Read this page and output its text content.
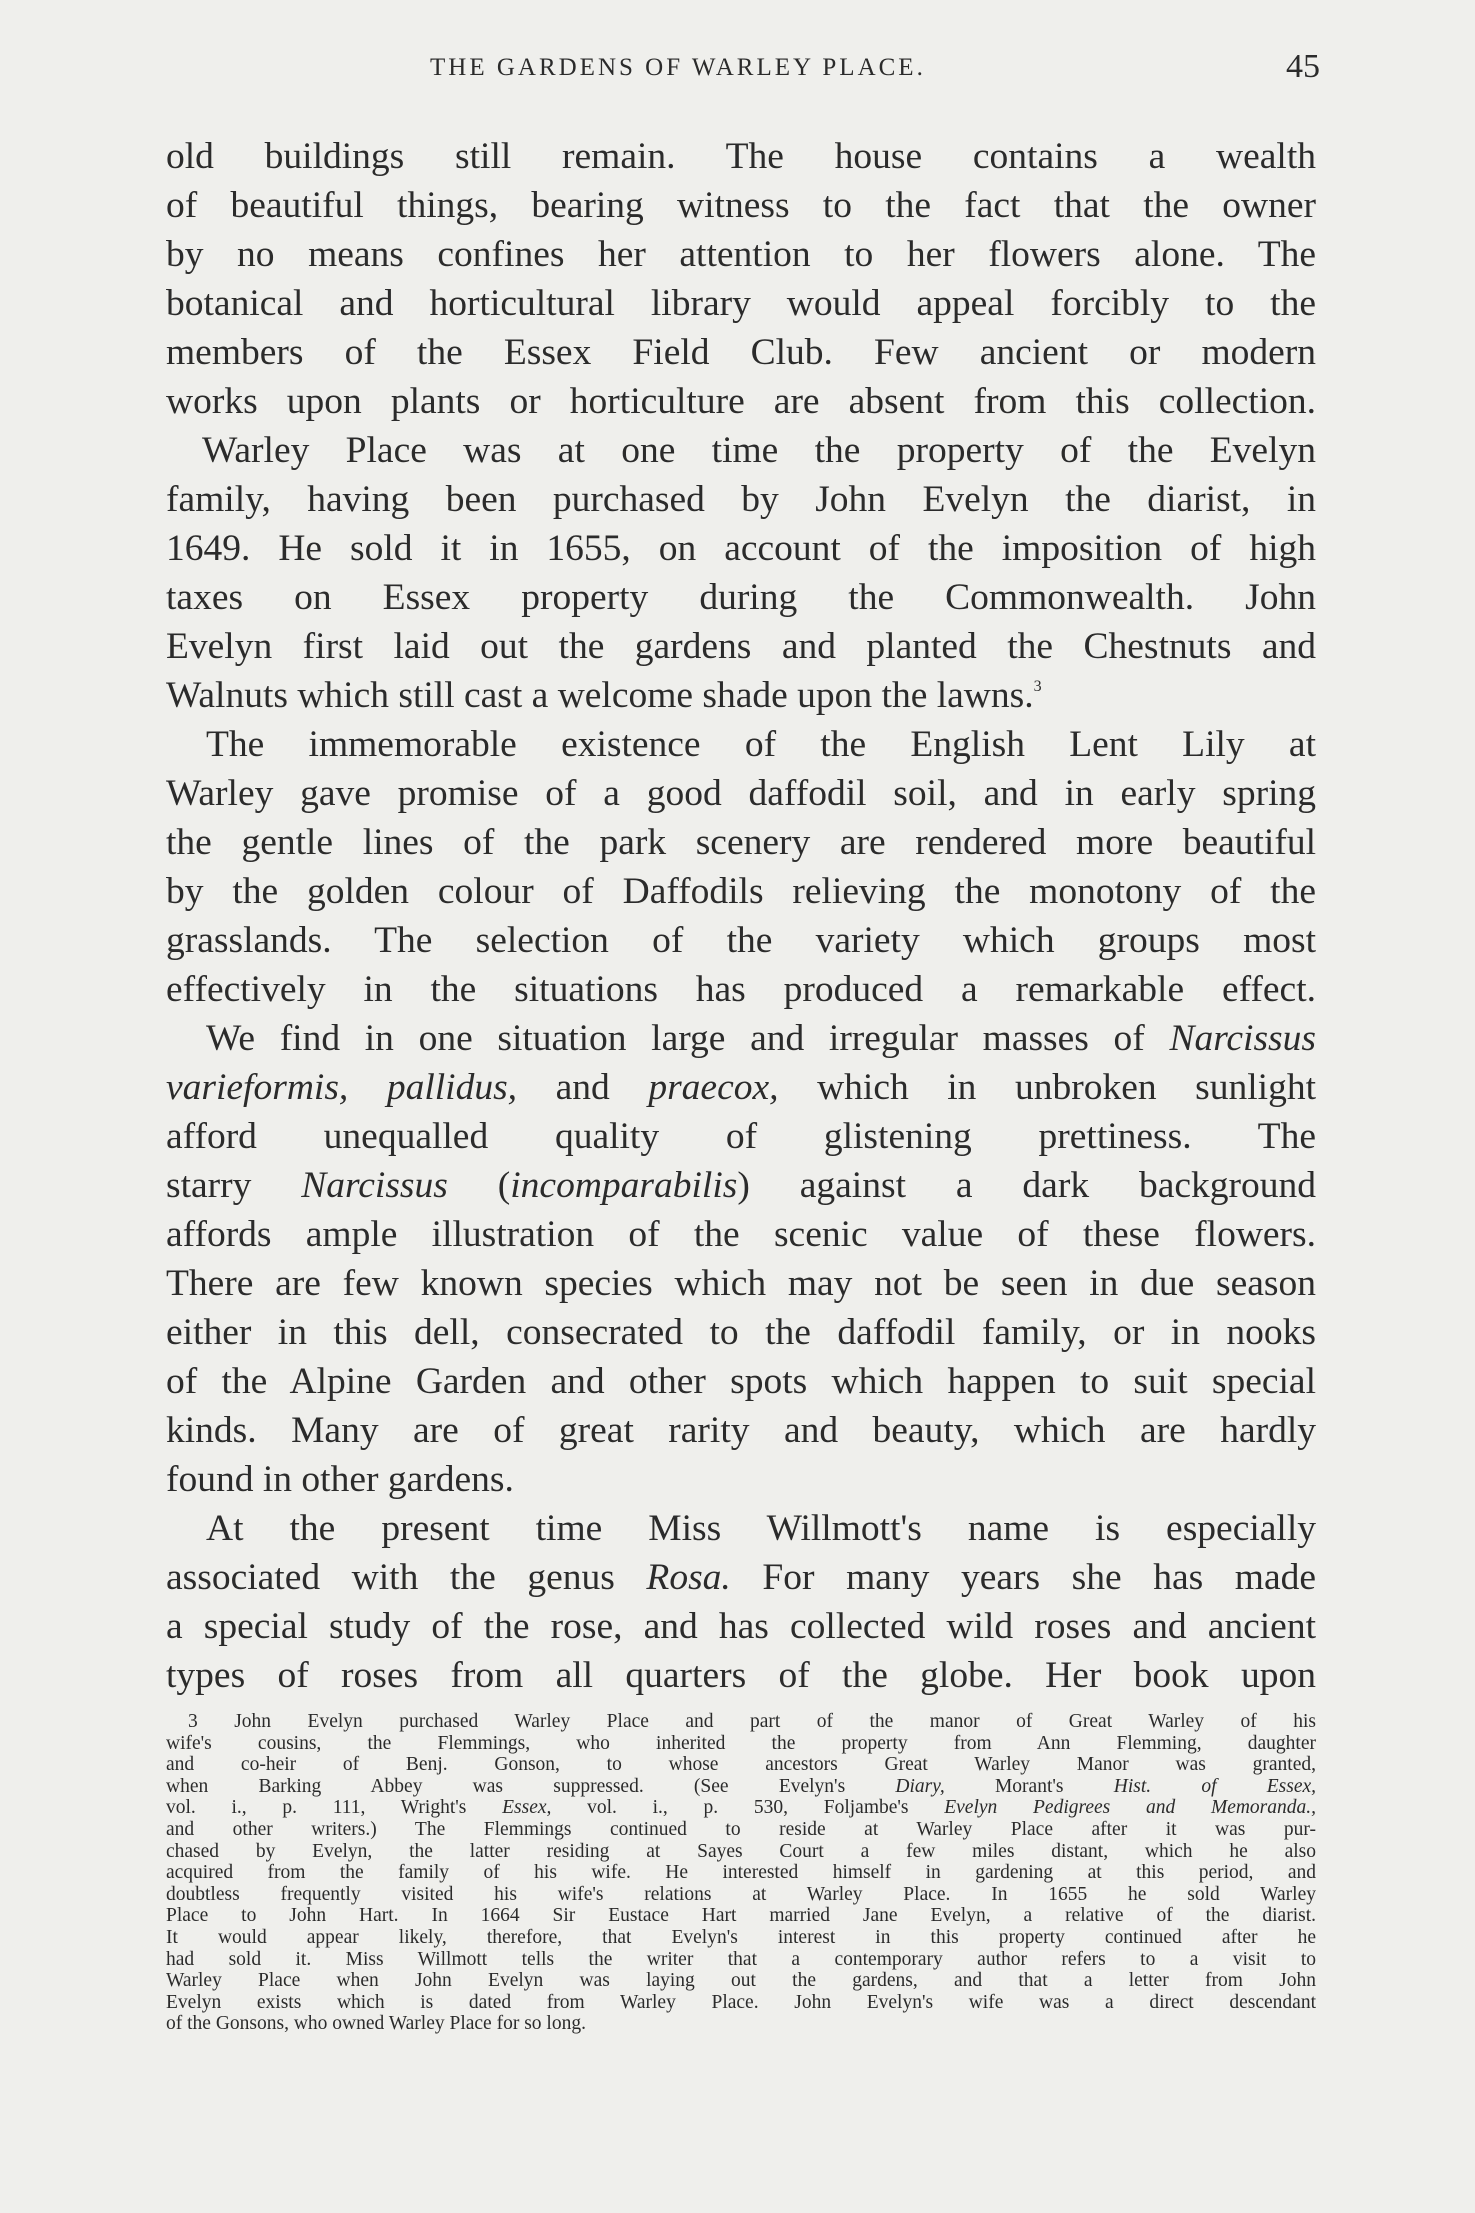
THE GARDENS OF WARLEY PLACE.	45
old buildings still remain. The house contains a wealth
of beautiful things, bearing witness to the fact that the owner
by no means confines her attention to her flowers alone. The
botanical and horticultural library would appeal forcibly to the
members of the Essex Field Club. Few ancient or modern
works upon plants or horticulture are absent from this collection.
Warley Place was at one time the property of the Evelyn
family, having been purchased by John Evelyn the diarist, in
1649. He sold it in 1655, on account of the imposition of high
taxes on Essex property during the Commonwealth. John
Evelyn first laid out the gardens and planted the Chestnuts and
Walnuts which still cast a welcome shade upon the lawns.$^3$
The immemorable existence of the English Lent Lily at
Warley gave promise of a good daffodil soil, and in early spring
the gentle lines of the park scenery are rendered more beautiful
by the golden colour of Daffodils relieving the monotony of the
grasslands. The selection of the variety which groups most
effectively in the situations has produced a remarkable effect.
We find in one situation large and irregular masses of Narcissus
varieformis, pallidus, and praecox, which in unbroken sunlight
afford unequalled quality of glistening prettiness. The
starry Narcissus (incomparabilis) against a dark background
affords ample illustration of the scenic value of these flowers.
There are few known species which may not be seen in due season
either in this dell, consecrated to the daffodil family, or in nooks
of the Alpine Garden and other spots which happen to suit special
kinds. Many are of great rarity and beauty, which are hardly
found in other gardens.
At the present time Miss Willmott's name is especially
associated with the genus Rosa. For many years she has made
a special study of the rose, and has collected wild roses and ancient
types of roses from all quarters of the globe. Her book upon
3 John Evelyn purchased Warley Place and part of the manor of Great Warley of his
wife's cousins, the Flemmings, who inherited the property from Ann Flemming, daughter
and co-heir of Benj. Gonson, to whose ancestors Great Warley Manor was granted,
when Barking Abbey was suppressed. (See Evelyn's	Diary,	Morant's	Hist. of Essex,
vol. i., p. 111, Wright's Essex, vol. i., p. 530, Foljambe's Evelyn Pedigrees and Memoranda.,
and other writers.) The Flemmings continued to reside at Warley Place after it was pur-
chased by Evelyn, the latter residing at Sayes Court a few miles distant, which he also
acquired from the family of his wife. He interested himself in gardening at this period, and
doubtless frequently visited his wife's relations at Warley Place. In 1655 he sold Warley
Place to John Hart. In 1664 Sir Eustace Hart married Jane Evelyn, a relative of the diarist.
It would appear likely, therefore, that Evelyn's interest in this property continued after he
had sold it. Miss Willmott tells the writer that a contemporary author refers to a visit to
Warley Place when John Evelyn was laying out the gardens, and that a letter from John
Evelyn exists which is dated from Warley Place. John Evelyn's wife was a direct descendant
of the Gonsons, who owned Warley Place for so long.
